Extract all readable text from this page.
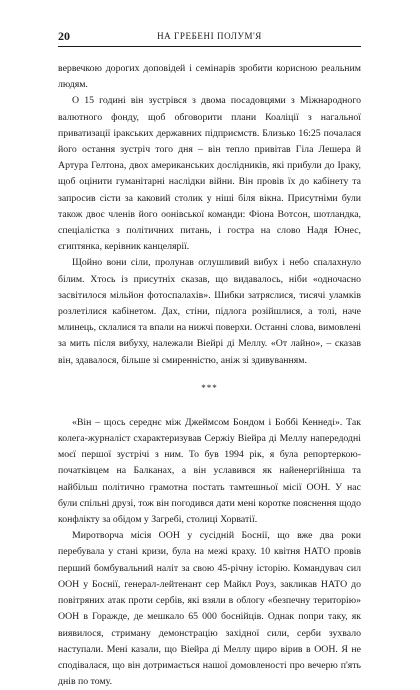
20	НА ГРЕБЕНІ ПОЛУМ'Я

вервечкою дорогих доповідей і семінарів зробити корисною реальним людям.

О 15 годині він зустрівся з двома посадовцями з Міжнародного валютного фонду, щоб обговорити плани Коаліції з нагальної приватизації іракських державних підприємств. Близько 16:25 почалася його остання зустріч того дня – він тепло привітав Гіла Лешера й Артура Гелтона, двох американських дослідників, які прибули до Іраку, щоб оцінити гуманітарні наслідки війни. Він провів їх до кабінету та запросив сісти за каковий столик у ніші біля вікна. Присутніми були також двоє членів його оонівської команди: Фіона Вотсон, шотландка, спеціалістка з політичних питань, і гостра на слово Надя Юнес, єгиптянка, керівник канцелярії.

Щойно вони сіли, пролунав оглушливий вибух і небо спалахнуло білим. Хтось із присутніх сказав, що видавалось, ніби «одночасно засвітилося мільйон фотоспалахів». Шибки затряслися, тисячі уламків розлетілися кабінетом. Дах, стіни, підлога розійшлися, а толі, наче млинець, склалися та впали на нижчі поверхи. Останні слова, вимовлені за мить після вибуху, належали Віейрі ді Меллу. «От лайно», – сказав він, здавалося, більше зі смиренністю, аніж зі здивуванням.

***

«Він – щось середнє між Джеймсом Бондом і Боббі Кеннеді». Так колега-журналіст схарактеризував Сержіу Віейра ді Меллу напередодні моєї першої зустрічі з ним. То був 1994 рік, я була репортеркою-початківцем на Балканах, а він уславився як найенергійніша та найбільш політично грамотна постать тамтешньої місії ООН. У нас були спільні друзі, тож він погодився дати мені коротке пояснення щодо конфлікту за обідом у Загребі, столиці Хорватії.

Миротворча місія ООН у сусідній Боснії, що вже два роки перебувала у стані кризи, була на межі краху. 10 квітня НАТО провів перший бомбувальний наліт за свою 45-річну історію. Командувач сил ООН у Боснії, генерал-лейтенант сер Майкл Роуз, закликав НАТО до повітряних атак проти сербів, які взяли в облогу «безпечну територію» ООН в Горажде, де мешкало 65 000 боснійців. Однак попри таку, як виявилося, стриману демонстрацію західної сили, серби зухвало наступали. Мені казали, що Віейра ді Меллу щиро вірив в ООН. Я не сподівалася, що він дотримається нашої домовленості про вечерю п'ять днів по тому.
